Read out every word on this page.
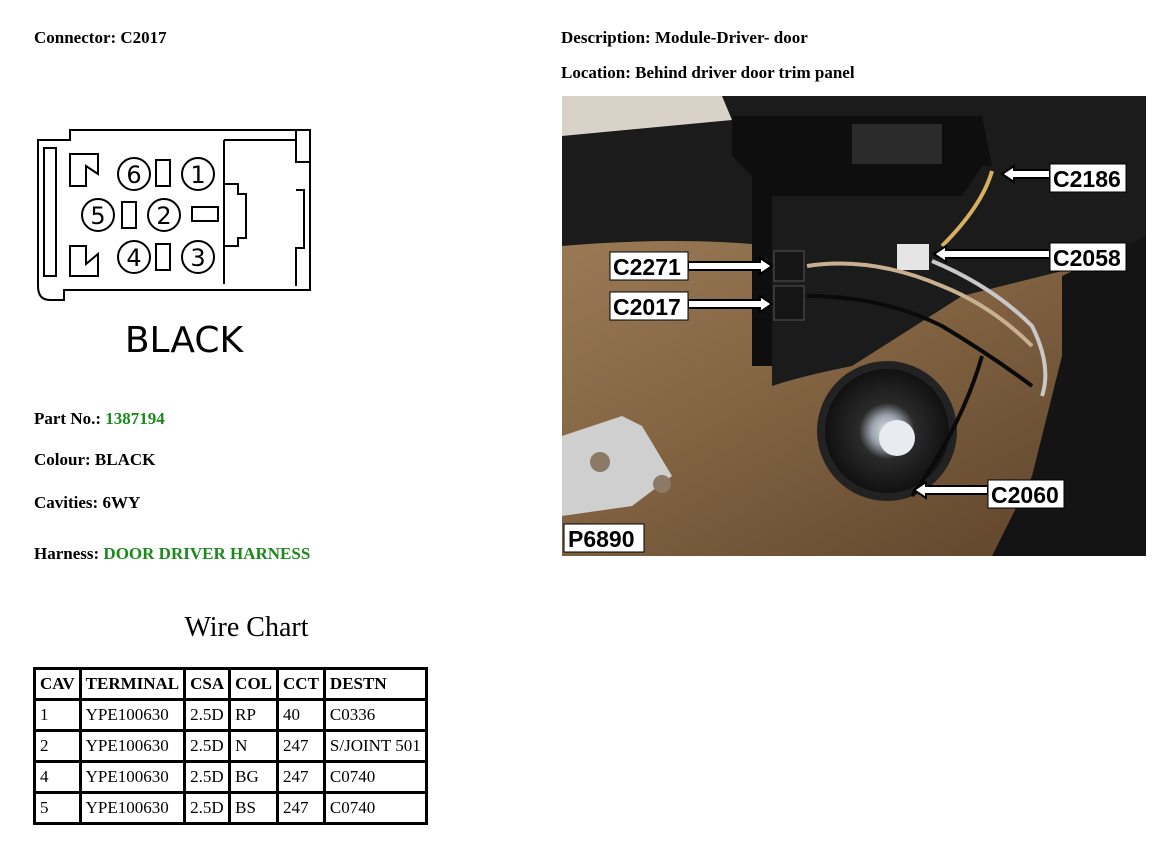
Connector: C2017	Description: Module-Driver- door
Location: Behind driver door trim panel
6 1
5 2
4 3
BLACK
Part No.: 1387194
Colour: BLACK
Cavities: 6WY
Harness: DOOR DRIVER HARNESS
Wire Chart
CAV	TERMINAL	CSA	COL	CCT	DESTN
1	YPE100630	2.5D	RP	40	C0336
2	YPE100630	2.5D	N	247	S/JOINT 501
4	YPE100630	2.5D	BG	247	C0740
5	YPE100630	2.5D	BS	247	C0740
C2186
C2058
C2271
C2017
C2060
P6890
